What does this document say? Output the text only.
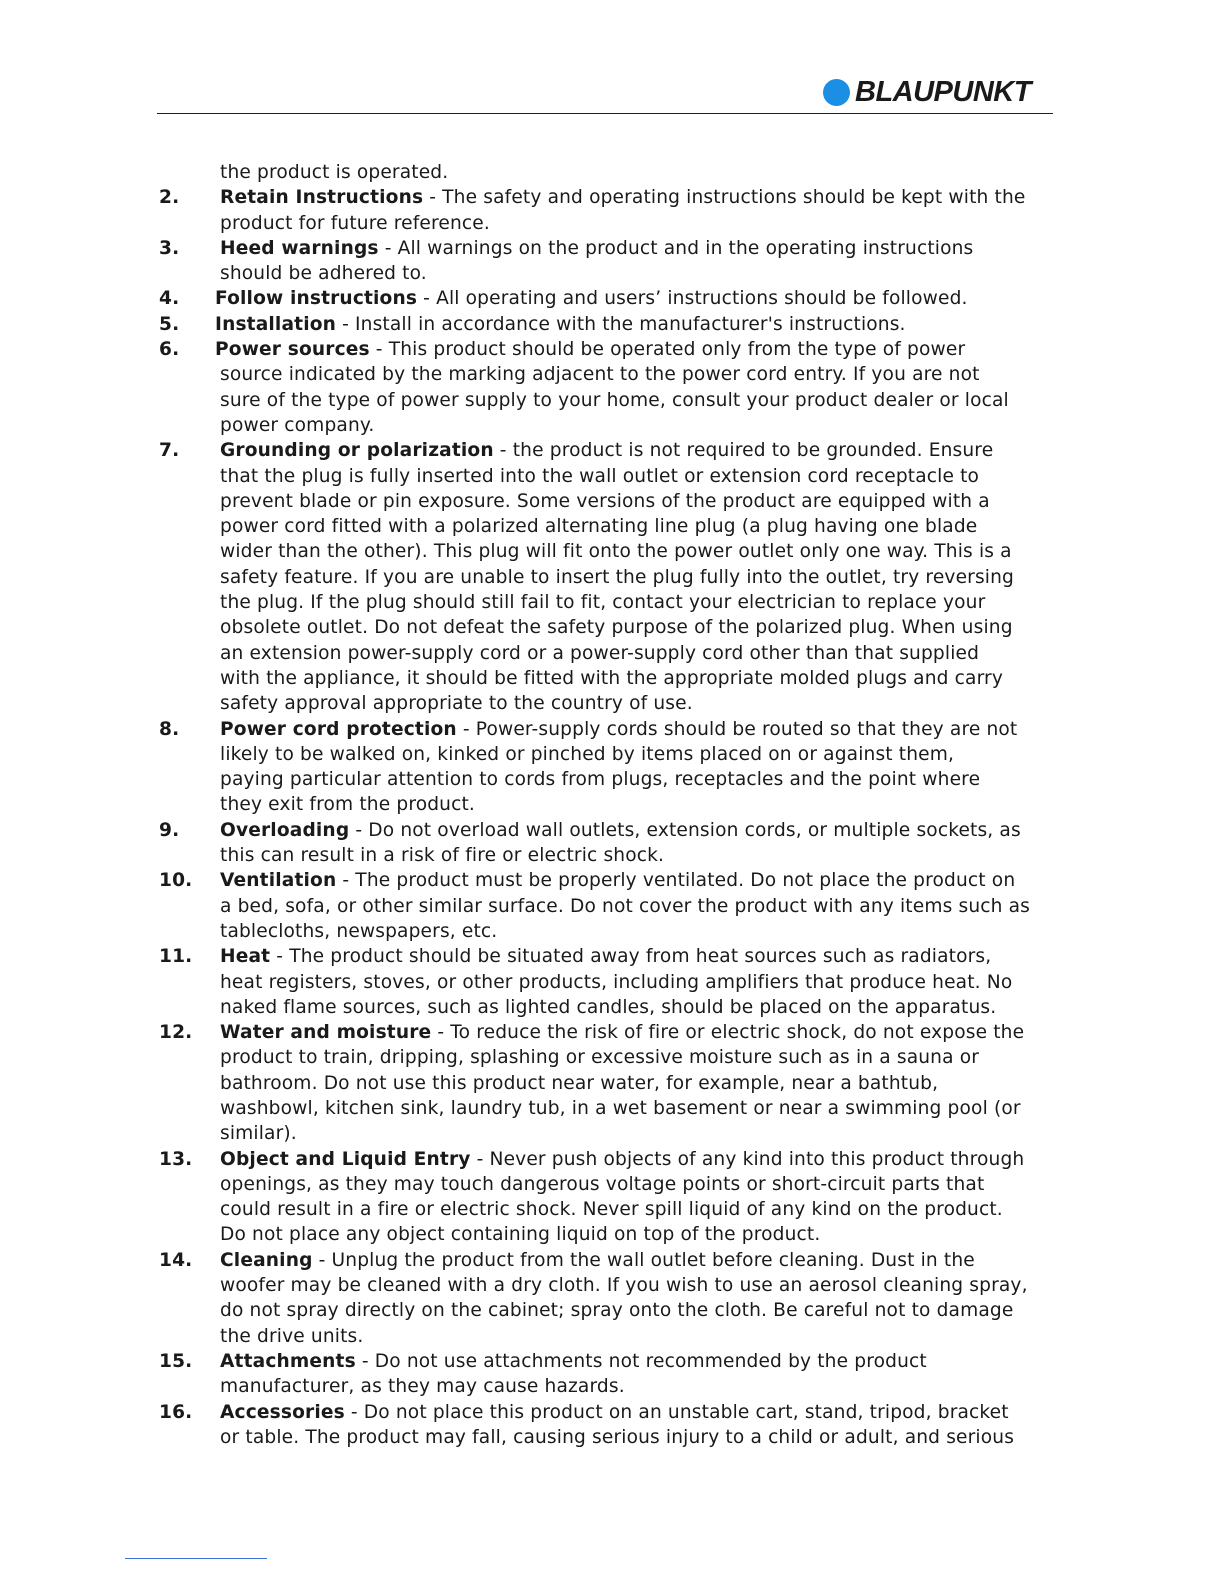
BLAUPUNKT
the product is operated.
2. Retain Instructions - The safety and operating instructions should be kept with the
product for future reference.
3. Heed warnings - All warnings on the product and in the operating instructions
should be adhered to.
4. Follow instructions - All operating and users’ instructions should be followed.
5. Installation - Install in accordance with the manufacturer's instructions.
6. Power sources - This product should be operated only from the type of power
source indicated by the marking adjacent to the power cord entry. If you are not
sure of the type of power supply to your home, consult your product dealer or local
power company.
7. Grounding or polarization - the product is not required to be grounded. Ensure
that the plug is fully inserted into the wall outlet or extension cord receptacle to
prevent blade or pin exposure. Some versions of the product are equipped with a
power cord fitted with a polarized alternating line plug (a plug having one blade
wider than the other). This plug will fit onto the power outlet only one way. This is a
safety feature. If you are unable to insert the plug fully into the outlet, try reversing
the plug. If the plug should still fail to fit, contact your electrician to replace your
obsolete outlet. Do not defeat the safety purpose of the polarized plug. When using
an extension power-supply cord or a power-supply cord other than that supplied
with the appliance, it should be fitted with the appropriate molded plugs and carry
safety approval appropriate to the country of use.
8. Power cord protection - Power-supply cords should be routed so that they are not
likely to be walked on, kinked or pinched by items placed on or against them,
paying particular attention to cords from plugs, receptacles and the point where
they exit from the product.
9. Overloading - Do not overload wall outlets, extension cords, or multiple sockets, as
this can result in a risk of fire or electric shock.
10. Ventilation - The product must be properly ventilated. Do not place the product on
a bed, sofa, or other similar surface. Do not cover the product with any items such as
tablecloths, newspapers, etc.
11. Heat - The product should be situated away from heat sources such as radiators,
heat registers, stoves, or other products, including amplifiers that produce heat. No
naked flame sources, such as lighted candles, should be placed on the apparatus.
12. Water and moisture - To reduce the risk of fire or electric shock, do not expose the
product to train, dripping, splashing or excessive moisture such as in a sauna or
bathroom. Do not use this product near water, for example, near a bathtub,
washbowl, kitchen sink, laundry tub, in a wet basement or near a swimming pool (or
similar).
13. Object and Liquid Entry - Never push objects of any kind into this product through
openings, as they may touch dangerous voltage points or short-circuit parts that
could result in a fire or electric shock. Never spill liquid of any kind on the product.
Do not place any object containing liquid on top of the product.
14. Cleaning - Unplug the product from the wall outlet before cleaning. Dust in the
woofer may be cleaned with a dry cloth. If you wish to use an aerosol cleaning spray,
do not spray directly on the cabinet; spray onto the cloth. Be careful not to damage
the drive units.
15. Attachments - Do not use attachments not recommended by the product
manufacturer, as they may cause hazards.
16. Accessories - Do not place this product on an unstable cart, stand, tripod, bracket
or table. The product may fall, causing serious injury to a child or adult, and serious
